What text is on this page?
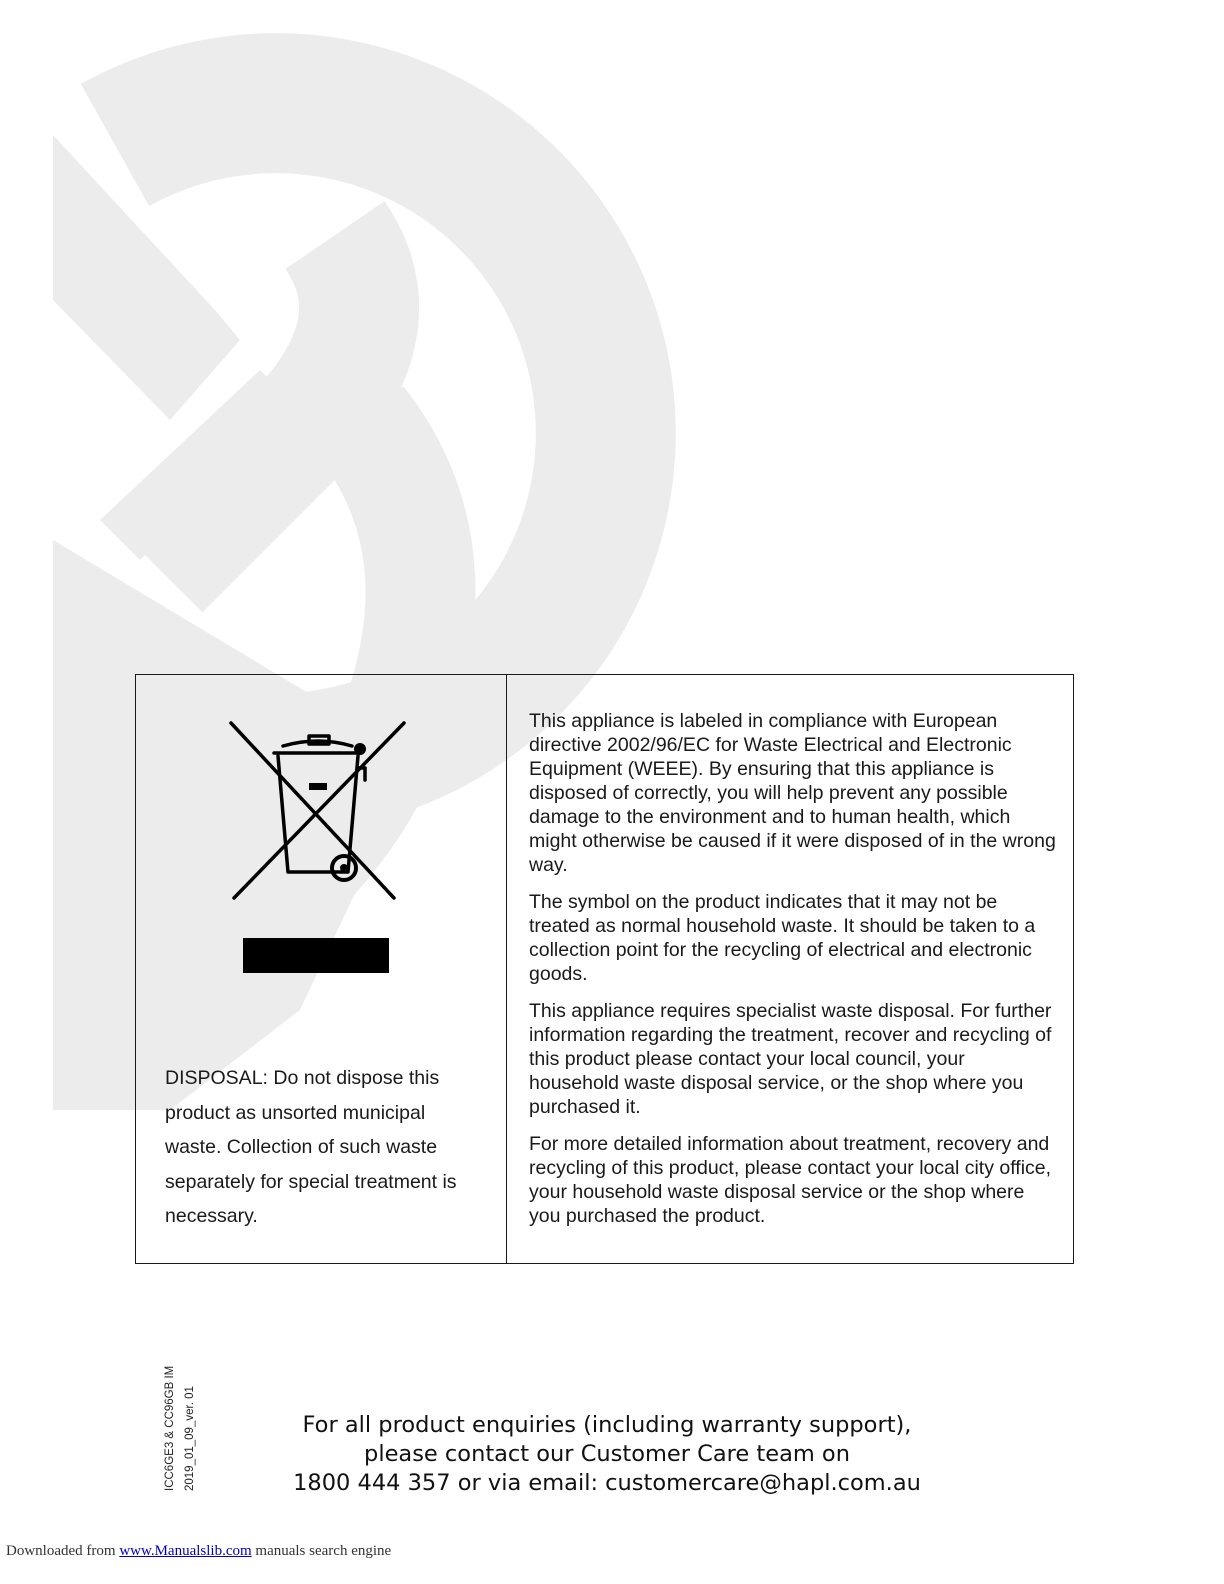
DISPOSAL: Do not dispose this product as unsorted municipal waste. Collection of such waste separately for special treatment is necessary.

This appliance is labeled in compliance with European directive 2002/96/EC for Waste Electrical and Electronic Equipment (WEEE). By ensuring that this appliance is disposed of correctly, you will help prevent any possible damage to the environment and to human health, which might otherwise be caused if it were disposed of in the wrong way.

The symbol on the product indicates that it may not be treated as normal household waste. It should be taken to a collection point for the recycling of electrical and electronic goods.

This appliance requires specialist waste disposal. For further information regarding the treatment, recover and recycling of this product please contact your local council, your household waste disposal service, or the shop where you purchased it.

For more detailed information about treatment, recovery and recycling of this product, please contact your local city office, your household waste disposal service or the shop where you purchased the product.

ICC6GE3 & CC96GB IM 2019_01_09_ver. 01	For all product enquiries (including warranty support),
please contact our Customer Care team on
1800 444 357 or via email: customercare@hapl.com.au
Downloaded from www.Manualslib.com manuals search engine
